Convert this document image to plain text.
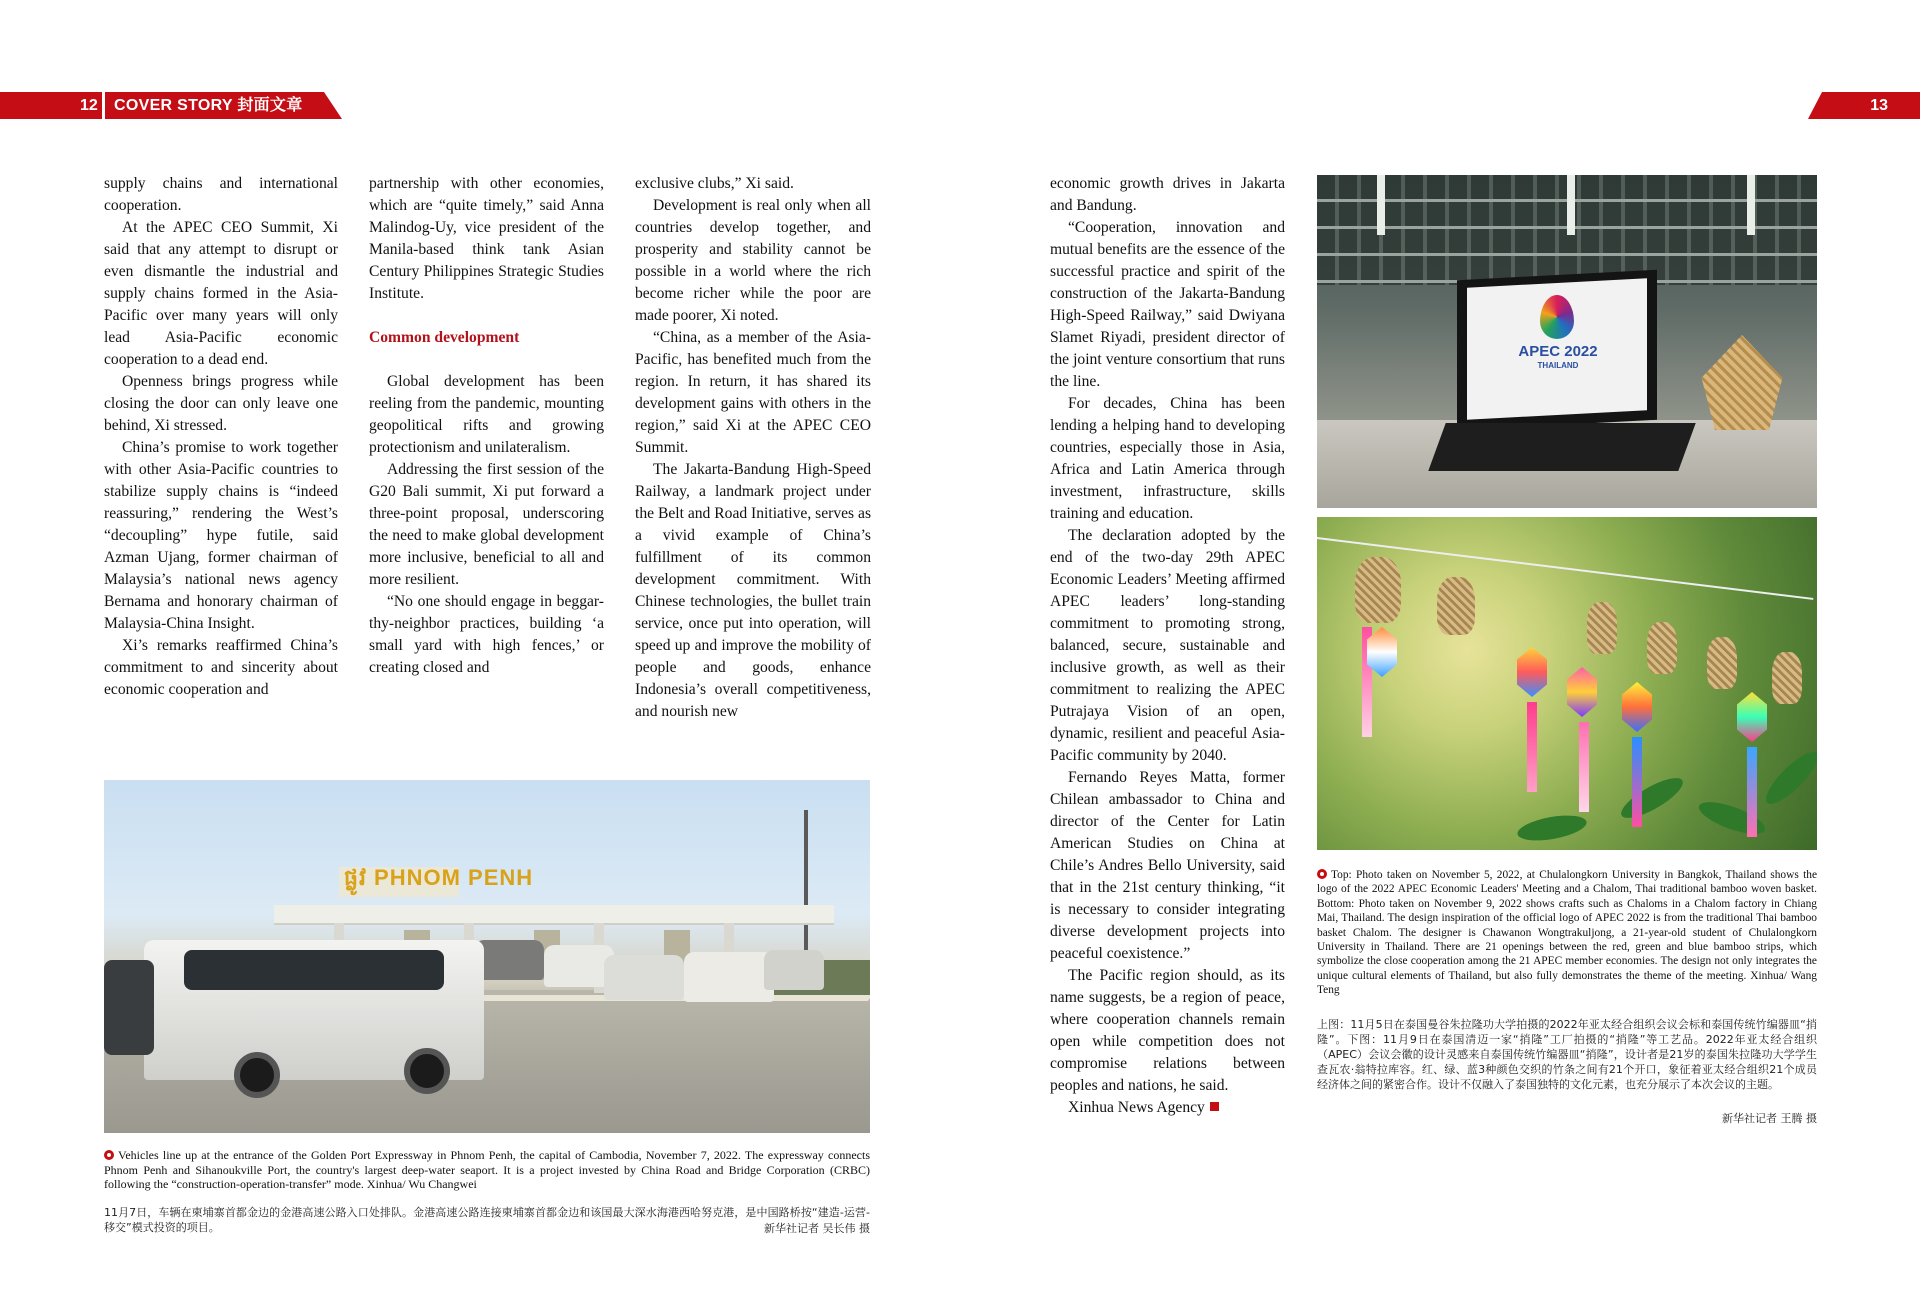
12 COVER STORY 封面文章	13

supply chains and international cooperation.

At the APEC CEO Summit, Xi said that any attempt to disrupt or even dismantle the industrial and supply chains formed in the Asia-Pacific over many years will only lead Asia-Pacific economic cooperation to a dead end.

Openness brings progress while closing the door can only leave one behind, Xi stressed.

China’s promise to work together with other Asia-Pacific countries to stabilize supply chains is “indeed reassuring,” rendering the West’s “decoupling” hype futile, said Azman Ujang, former chairman of Malaysia’s national news agency Bernama and honorary chairman of Malaysia-China Insight.

Xi’s remarks reaffirmed China’s commitment to and sincerity about economic cooperation and

partnership with other economies, which are “quite timely,” said Anna Malindog-Uy, vice president of the Manila-based think tank Asian Century Philippines Strategic Studies Institute.

Common development

Global development has been reeling from the pandemic, mounting geopolitical rifts and growing protectionism and unilateralism.

Addressing the first session of the G20 Bali summit, Xi put forward a three-point proposal, underscoring the need to make global development more inclusive, beneficial to all and more resilient.

“No one should engage in beggar-thy-neighbor practices, building ‘a small yard with high fences,’ or creating closed and

exclusive clubs,” Xi said.

Development is real only when all countries develop together, and prosperity and stability cannot be possible in a world where the rich become richer while the poor are made poorer, Xi noted.

“China, as a member of the Asia-Pacific, has benefited much from the region. In return, it has shared its development gains with others in the region,” said Xi at the APEC CEO Summit.

The Jakarta-Bandung High-Speed Railway, a landmark project under the Belt and Road Initiative, serves as a vivid example of China’s fulfillment of its common development commitment. With Chinese technologies, the bullet train service, once put into operation, will speed up and improve the mobility of people and goods, enhance Indonesia’s overall competitiveness, and nourish new

economic growth drives in Jakarta and Bandung.

“Cooperation, innovation and mutual benefits are the essence of the successful practice and spirit of the construction of the Jakarta-Bandung High-Speed Railway,” said Dwiyana Slamet Riyadi, president director of the joint venture consortium that runs the line.

For decades, China has been lending a helping hand to developing countries, especially those in Asia, Africa and Latin America through investment, infrastructure, skills training and education.

The declaration adopted by the end of the two-day 29th APEC Economic Leaders’ Meeting affirmed APEC leaders’ long-standing commitment to promoting strong, balanced, secure, sustainable and inclusive growth, as well as their commitment to realizing the APEC Putrajaya Vision of an open, dynamic, resilient and peaceful Asia-Pacific community by 2040.

Fernando Reyes Matta, former Chilean ambassador to China and director of the Center for Latin American Studies on China at Chile’s Andres Bello University, said that in the 21st century thinking, “it is necessary to consider integrating diverse development projects into peaceful coexistence.”

The Pacific region should, as its name suggests, be a region of peace, where cooperation channels remain open while competition does not compromise relations between peoples and nations, he said.

Xinhua News Agency

ផ្លូវ PHNOM PENH
Vehicles line up at the entrance of the Golden Port Expressway in Phnom Penh, the capital of Cambodia, November 7, 2022. The expressway connects Phnom Penh and Sihanoukville Port, the country's largest deep-water seaport. It is a project invested by China Road and Bridge Corporation (CRBC) following the “construction-operation-transfer” mode. Xinhua/ Wu Changwei
11月7日，车辆在柬埔寨首都金边的金港高速公路入口处排队。金港高速公路连接柬埔寨首都金边和该国最大深水海港西哈努克港，是中国路桥按“建造-运营-移交”模式投资的项目。	新华社记者 吴长伟 摄
APEC 2022
THAILAND
Top: Photo taken on November 5, 2022, at Chulalongkorn University in Bangkok, Thailand shows the logo of the 2022 APEC Economic Leaders' Meeting and a Chalom, Thai traditional bamboo woven basket. Bottom: Photo taken on November 9, 2022 shows crafts such as Chaloms in a Chalom factory in Chiang Mai, Thailand. The design inspiration of the official logo of APEC 2022 is from the traditional Thai bamboo basket Chalom. The designer is Chawanon Wongtrakuljong, a 21-year-old student of Chulalongkorn University in Thailand. There are 21 openings between the red, green and blue bamboo strips, which symbolize the close cooperation among the 21 APEC member economies. The design not only integrates the unique cultural elements of Thailand, but also fully demonstrates the theme of the meeting. Xinhua/ Wang Teng
上图：11月5日在泰国曼谷朱拉隆功大学拍摄的2022年亚太经合组织会议会标和泰国传统竹编器皿“捎隆”。下图：11月9日在泰国清迈一家“捎隆”工厂拍摄的“捎隆”等工艺品。2022年亚太经合组织（APEC）会议会徽的设计灵感来自泰国传统竹编器皿“捎隆”，设计者是21岁的泰国朱拉隆功大学学生查瓦农·翁特拉库容。红、绿、蓝3种颜色交织的竹条之间有21个开口，象征着亚太经合组织21个成员经济体之间的紧密合作。设计不仅融入了泰国独特的文化元素，也充分展示了本次会议的主题。
新华社记者 王腾 摄
